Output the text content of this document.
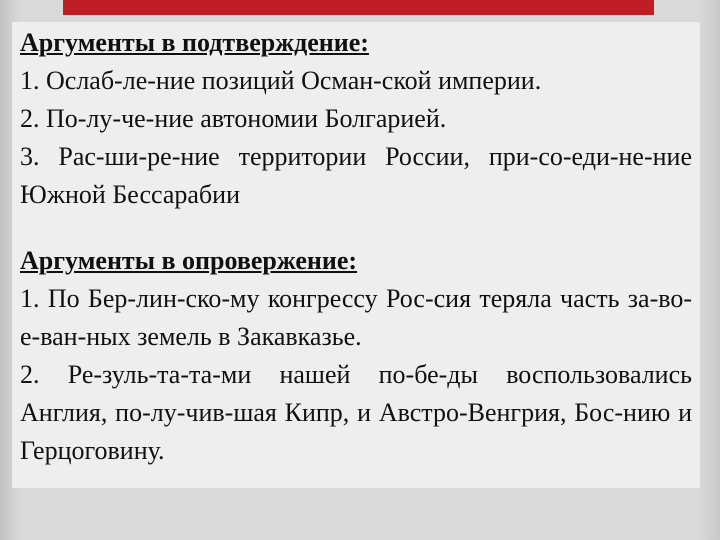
Аргументы в подтверждение:
1. Ослаб-ле-ние позиций Осман-ской империи.
2. По-лу-че-ние автономии Болгарией.
3. Рас-ши-ре-ние территории России, при-со-еди-не-ние Южной Бессарабии
Аргументы в опровержение:
1. По Бер-лин-ско-му конгрессу Рос-сия теряла часть за-во-е-ван-ных земель в Закавказье.
2. Ре-зуль-та-та-ми нашей по-бе-ды воспользовались Англия, по-лу-чив-шая Кипр, и Австро-Венгрия, Бос-нию и Герцоговину.
